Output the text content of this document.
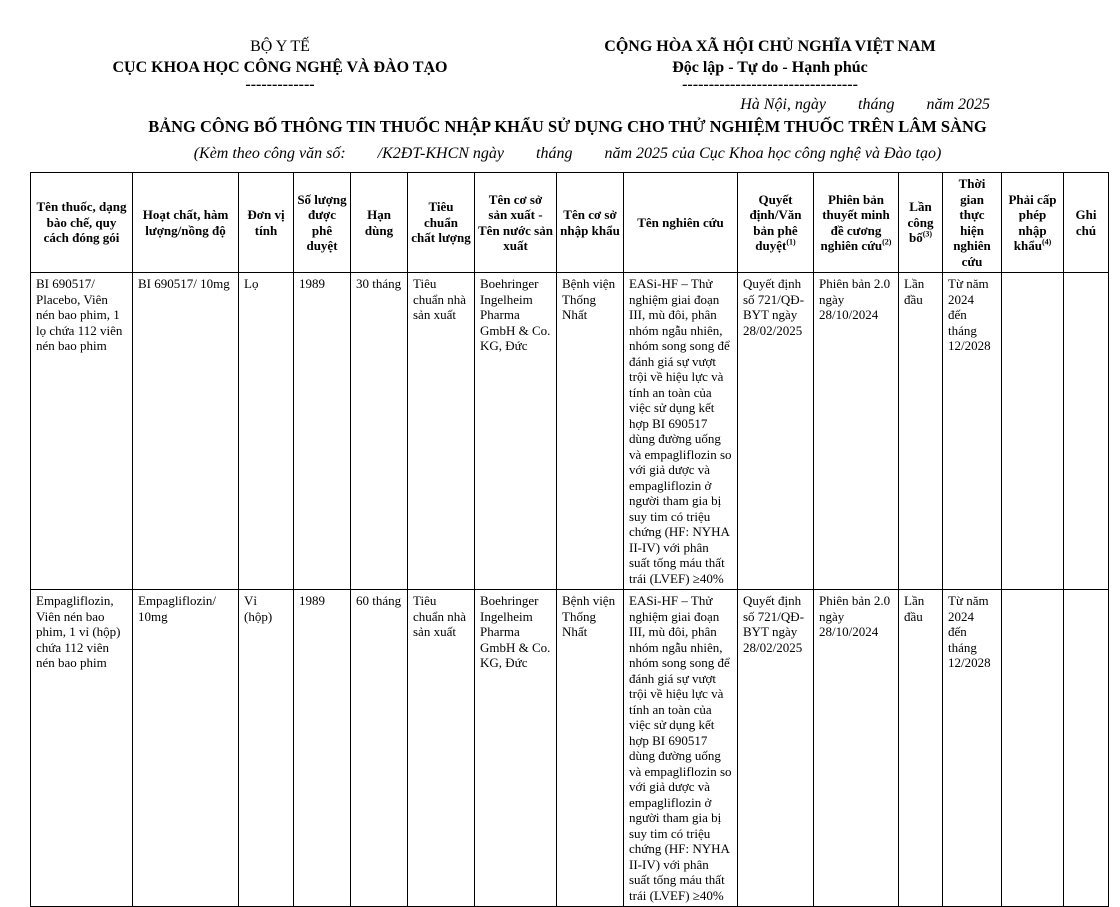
BỘ Y TẾ
CỤC KHOA HỌC CÔNG NGHỆ VÀ ĐÀO TẠO
-------------
CỘNG HÒA XÃ HỘI CHỦ NGHĨA VIỆT NAM
Độc lập - Tự do - Hạnh phúc
---------------------------------
Hà Nội, ngày        tháng        năm 2025
BẢNG CÔNG BỐ THÔNG TIN THUỐC NHẬP KHẨU SỬ DỤNG CHO THỬ NGHIỆM THUỐC TRÊN LÂM SÀNG
(Kèm theo công văn số:        /K2ĐT-KHCN ngày        tháng        năm 2025 của Cục Khoa học công nghệ và Đào tạo)
Tên thuốc, dạng bào chế, quy cách đóng gói	Hoạt chất, hàm lượng/nồng độ	Đơn vị tính	Số lượng được phê duyệt	Hạn dùng	Tiêu chuẩn chất lượng	Tên cơ sở sản xuất - Tên nước sản xuất	Tên cơ sở nhập khẩu	Tên nghiên cứu	Quyết định/Văn bản phê duyệt$^{(1)}$	Phiên bản thuyết minh đề cương nghiên cứu$^{(2)}$	Lần công bố$^{(3)}$	Thời gian thực hiện nghiên cứu	Phải cấp phép nhập khẩu$^{(4)}$	Ghi chú
BI 690517/ Placebo, Viên nén bao phim, 1 lọ chứa 112 viên nén bao phim	BI 690517/ 10mg	Lọ	1989	30 tháng	Tiêu chuẩn nhà sản xuất	Boehringer Ingelheim Pharma GmbH & Co. KG, Đức	Bệnh viện Thống Nhất	EASi-HF – Thử nghiệm giai đoạn III, mù đôi, phân nhóm ngẫu nhiên, nhóm song song để đánh giá sự vượt trội về hiệu lực và tính an toàn của việc sử dụng kết hợp BI 690517 dùng đường uống và empagliflozin so với giả dược và empagliflozin ở người tham gia bị suy tim có triệu chứng (HF: NYHA II-IV) với phân suất tống máu thất trái (LVEF) ≥40%	Quyết định số 721/QĐ-BYT ngày 28/02/2025	Phiên bản 2.0 ngày 28/10/2024	Lần đầu	Từ năm 2024 đến tháng 12/2028		
Empagliflozin, Viên nén bao phim, 1 vỉ (hộp) chứa 112 viên nén bao phim	Empagliflozin/ 10mg	Vỉ (hộp)	1989	60 tháng	Tiêu chuẩn nhà sản xuất	Boehringer Ingelheim Pharma GmbH & Co. KG, Đức	Bệnh viện Thống Nhất	EASi-HF – Thử nghiệm giai đoạn III, mù đôi, phân nhóm ngẫu nhiên, nhóm song song để đánh giá sự vượt trội về hiệu lực và tính an toàn của việc sử dụng kết hợp BI 690517 dùng đường uống và empagliflozin so với giả dược và empagliflozin ở người tham gia bị suy tim có triệu chứng (HF: NYHA II-IV) với phân suất tống máu thất trái (LVEF) ≥40%	Quyết định số 721/QĐ-BYT ngày 28/02/2025	Phiên bản 2.0 ngày 28/10/2024	Lần đầu	Từ năm 2024 đến tháng 12/2028		
